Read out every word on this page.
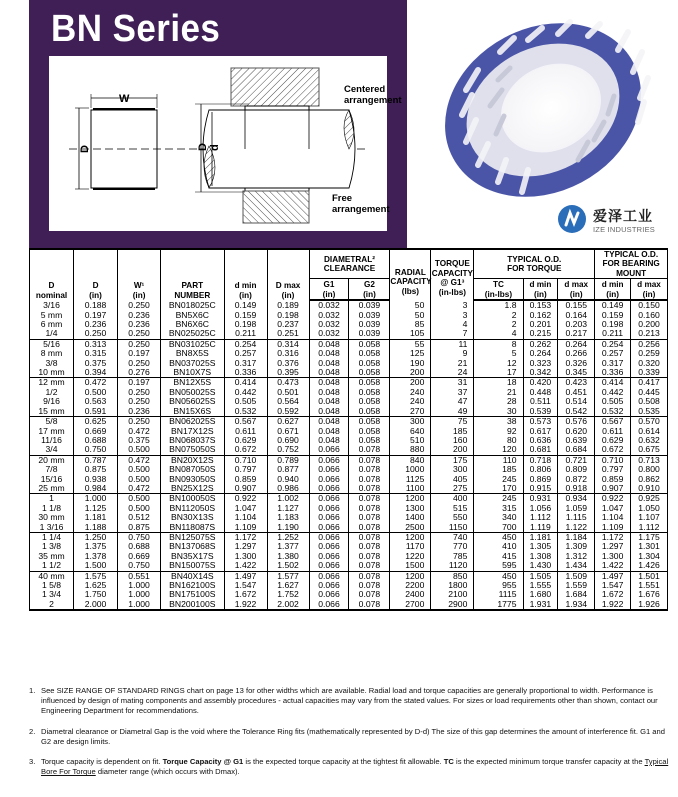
BN Series
D
W
D d
Centered
arrangement
Free
arrangement	爱泽工业
IZE INDUSTRIES
D
nominal

D
(in)

W¹
(in)

PART
NUMBER

d min
(in)

D max
(in)

DIAMETRAL²
CLEARANCE	RADIAL
CAPACITY
(lbs)

TORQUE
CAPACITY
@ G1³
(in-lbs)

TYPICAL O.D.
FOR TORQUE

TYPICAL O.D.
FOR BEARING
MOUNT

G1
(in)

G2
(in)

TC
(in-lbs)

d min
(in)

d max
(in)

d min
(in)

d max
(in)

3/16	0.188	0.250	BN018025C	0.149	0.189	0.032	0.039	50	3	1.8	0.153	0.155	0.149	0.150
5 mm	0.197	0.236	BN5X6C	0.159	0.198	0.032	0.039	50	3	2	0.162	0.164	0.159	0.160
6 mm	0.236	0.236	BN6X6C	0.198	0.237	0.032	0.039	85	4	2	0.201	0.203	0.198	0.200
1/4	0.250	0.250	BN025025C	0.211	0.251	0.032	0.039	105	7	4	0.215	0.217	0.211	0.213
5/16	0.313	0.250	BN031025C	0.254	0.314	0.048	0.058	55	11	8	0.262	0.264	0.254	0.256
8 mm	0.315	0.197	BN8X5S	0.257	0.316	0.048	0.058	125	9	5	0.264	0.266	0.257	0.259
3/8	0.375	0.250	BN037025S	0.317	0.376	0.048	0.058	190	21	12	0.323	0.326	0.317	0.320
10 mm	0.394	0.276	BN10X7S	0.336	0.395	0.048	0.058	200	24	17	0.342	0.345	0.336	0.339
12 mm	0.472	0.197	BN12X5S	0.414	0.473	0.048	0.058	200	31	18	0.420	0.423	0.414	0.417
1/2	0.500	0.250	BN050025S	0.442	0.501	0.048	0.058	240	37	21	0.448	0.451	0.442	0.445
9/16	0.563	0.250	BN056025S	0.505	0.564	0.048	0.058	240	47	28	0.511	0.514	0.505	0.508
15 mm	0.591	0.236	BN15X6S	0.532	0.592	0.048	0.058	270	49	30	0.539	0.542	0.532	0.535
5/8	0.625	0.250	BN062025S	0.567	0.627	0.048	0.058	300	75	38	0.573	0.576	0.567	0.570
17 mm	0.669	0.472	BN17X12S	0.611	0.671	0.048	0.058	640	185	92	0.617	0.620	0.611	0.614
11/16	0.688	0.375	BN068037S	0.629	0.690	0.048	0.058	510	160	80	0.636	0.639	0.629	0.632
3/4	0.750	0.500	BN075050S	0.672	0.752	0.066	0.078	880	200	120	0.681	0.684	0.672	0.675
20 mm	0.787	0.472	BN20X12S	0.710	0.789	0.066	0.078	840	175	110	0.718	0.721	0.710	0.713
7/8	0.875	0.500	BN087050S	0.797	0.877	0.066	0.078	1000	300	185	0.806	0.809	0.797	0.800
15/16	0.938	0.500	BN093050S	0.859	0.940	0.066	0.078	1125	405	245	0.869	0.872	0.859	0.862
25 mm	0.984	0.472	BN25X12S	0.907	0.986	0.066	0.078	1100	275	170	0.915	0.918	0.907	0.910
1	1.000	0.500	BN100050S	0.922	1.002	0.066	0.078	1200	400	245	0.931	0.934	0.922	0.925
1 1/8	1.125	0.500	BN112050S	1.047	1.127	0.066	0.078	1300	515	315	1.056	1.059	1.047	1.050
30 mm	1.181	0.512	BN30X13S	1.104	1.183	0.066	0.078	1400	550	340	1.112	1.115	1.104	1.107
1 3/16	1.188	0.875	BN118087S	1.109	1.190	0.066	0.078	2500	1150	700	1.119	1.122	1.109	1.112
1 1/4	1.250	0.750	BN125075S	1.172	1.252	0.066	0.078	1200	740	450	1.181	1.184	1.172	1.175
1 3/8	1.375	0.688	BN137068S	1.297	1.377	0.066	0.078	1170	770	410	1.305	1.309	1.297	1.301
35 mm	1.378	0.669	BN35X17S	1.300	1.380	0.066	0.078	1220	785	415	1.308	1.312	1.300	1.304
1 1/2	1.500	0.750	BN150075S	1.422	1.502	0.066	0.078	1500	1120	595	1.430	1.434	1.422	1.426
40 mm	1.575	0.551	BN40X14S	1.497	1.577	0.066	0.078	1200	850	450	1.505	1.509	1.497	1.501
1 5/8	1.625	1.000	BN162100S	1.547	1.627	0.066	0.078	2200	1800	955	1.555	1.559	1.547	1.551
1 3/4	1.750	1.000	BN175100S	1.672	1.752	0.066	0.078	2400	2100	1115	1.680	1.684	1.672	1.676
2	2.000	1.000	BN200100S	1.922	2.002	0.066	0.078	2700	2900	1775	1.931	1.934	1.922	1.926
1. See SIZE RANGE OF STANDARD RINGS chart on page 13 for other widths which are available. Radial load and torque capacities are generally proportional to width. Performance is influenced by design of mating components and assembly procedures - actual capacities may vary from the stated values. For sizes or load requirements other than shown, contact our Engineering Department for recommendations.
2. Diametral clearance or Diametral Gap is the void where the Tolerance Ring fits (mathematically represented by D-d) The size of this gap determines the amount of interference fit. G1 and G2 are design limits.
3. Torque capacity is dependent on fit. Torque Capacity @ G1 is the expected torque capacity at the tightest fit allowable. TC is the expected minimum torque transfer capacity at the Typical Bore For Torque diameter range (which occurs with Dmax).
